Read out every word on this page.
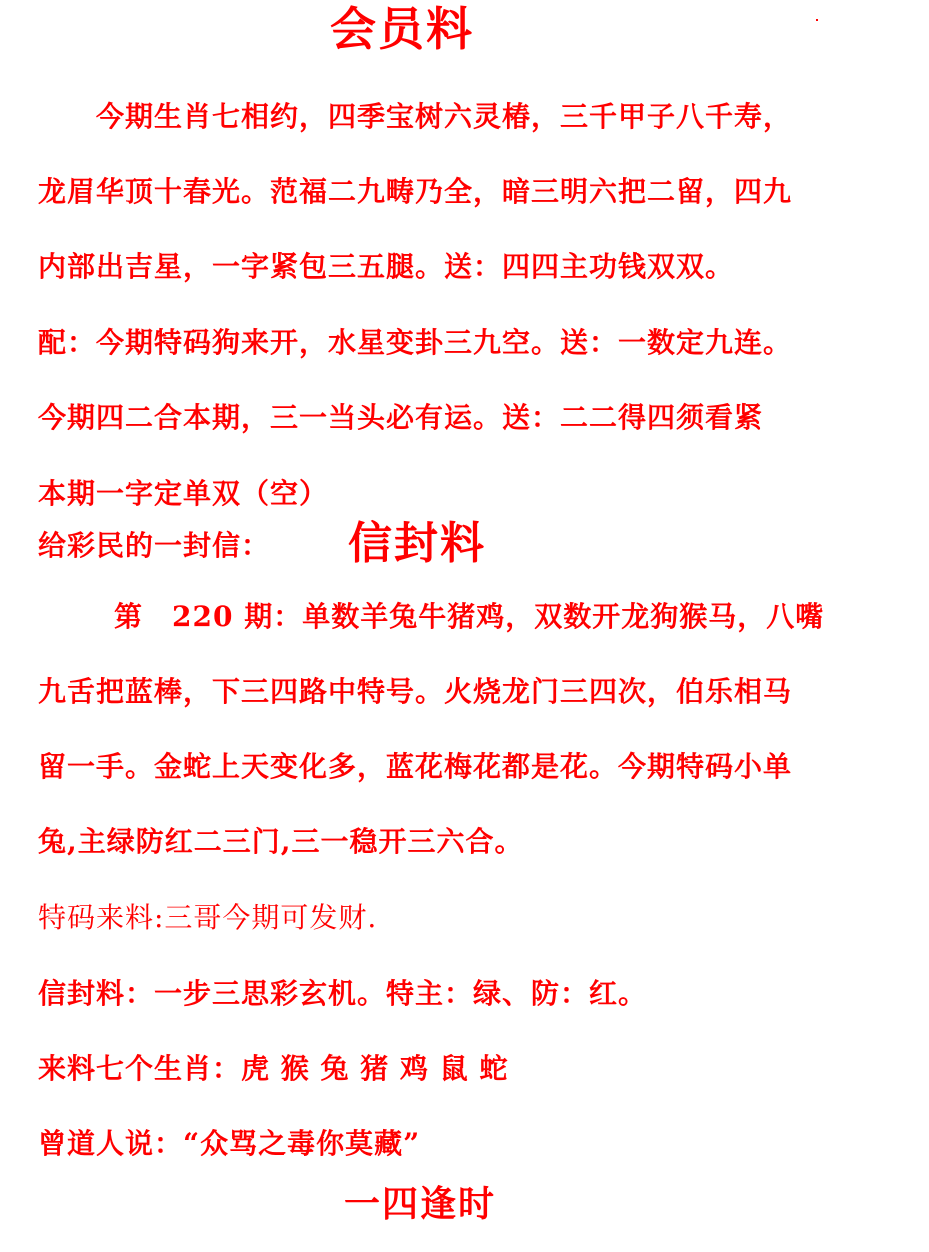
会员料
今期生肖七相约，四季宝树六灵椿，三千甲子八千寿，
龙眉华顶十春光。范福二九畴乃全，暗三明六把二留，四九
内部出吉星，一字紧包三五腿。送：四四主功钱双双。
配：今期特码狗来开，水星变卦三九空。送：一数定九连。
今期四二合本期，三一当头必有运。送：二二得四须看紧
本期一字定单双（空）
给彩民的一封信： 信封料
第　220 期：单数羊兔牛猪鸡，双数开龙狗猴马，八嘴
九舌把蓝棒，下三四路中特号。火烧龙门三四次，伯乐相马
留一手。金蛇上天变化多，蓝花梅花都是花。今期特码小单
兔,主绿防红二三门,三一稳开三六合。
特码来料:三哥今期可发财.
信封料：一步三思彩玄机。特主：绿、防：红。
来料七个生肖：虎 猴 兔 猪 鸡 鼠 蛇
曾道人说：“众骂之毒你莫藏”
一四逢时
